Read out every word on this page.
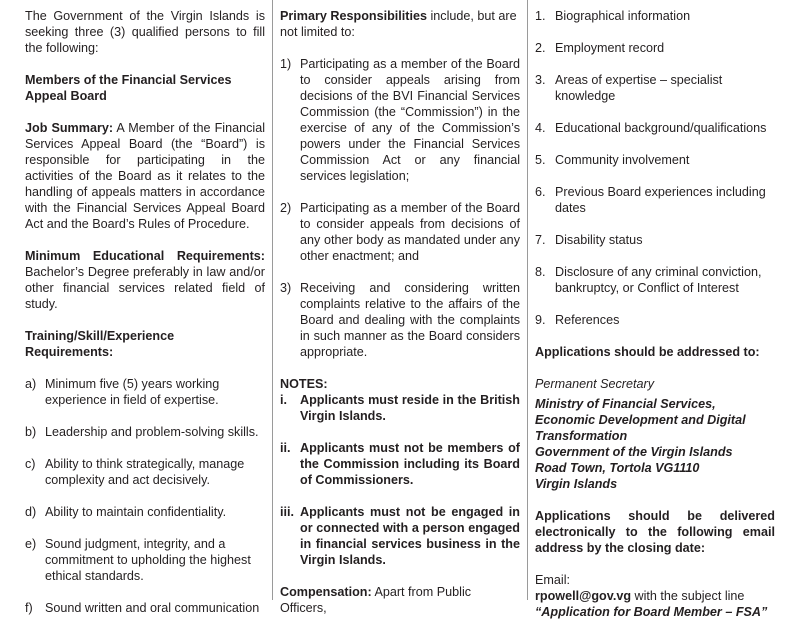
The Government of the Virgin Islands is seeking three (3) qualified persons to fill the following:

Members of the Financial Services Appeal Board

Job Summary: A Member of the Financial Services Appeal Board (the “Board”) is responsible for participating in the activities of the Board as it relates to the handling of appeals matters in accordance with the Financial Services Appeal Board Act and the Board’s Rules of Procedure.

Minimum Educational Requirements: Bachelor’s Degree preferably in law and/or other financial services related field of study.

Training/Skill/Experience Requirements:

a) Minimum five (5) years working experience in field of expertise.
b) Leadership and problem-solving skills.
c) Ability to think strategically, manage complexity and act decisively.
d) Ability to maintain confidentiality.
e) Sound judgment, integrity, and a commitment to upholding the highest ethical standards.
f) Sound written and oral communication

Primary Responsibilities include, but are not limited to:

1) Participating as a member of the Board to consider appeals arising from decisions of the BVI Financial Services Commission (the “Commission”) in the exercise of any of the Commission’s powers under the Financial Services Commission Act or any financial services legislation;
2) Participating as a member of the Board to consider appeals from decisions of any other body as mandated under any other enactment; and
3) Receiving and considering written complaints relative to the affairs of the Board and dealing with the complaints in such manner as the Board considers appropriate.

NOTES:

i.	Applicants must reside in the British Virgin Islands.
ii. Applicants must not be members of the Commission including its Board of Commissioners.
iii. Applicants must not be engaged in or connected with a person engaged in financial services business in the Virgin Islands.

Compensation: Apart from Public Officers,

1. Biographical information
2. Employment record
3. Areas of expertise – specialist knowledge
4. Educational background/qualifications
5. Community involvement
6. Previous Board experiences including dates
7. Disability status
8. Disclosure of any criminal conviction, bankruptcy, or Conflict of Interest
9. References

Applications should be addressed to:

Permanent Secretary

Ministry of Financial Services, Economic Development and Digital Transformation

Government of the Virgin Islands

Road Town, Tortola VG1110

Virgin Islands

Applications should be delivered electronically to the following email address by the closing date:

Email:

rpowell@gov.vg with the subject line

“Application for Board Member – FSA”
